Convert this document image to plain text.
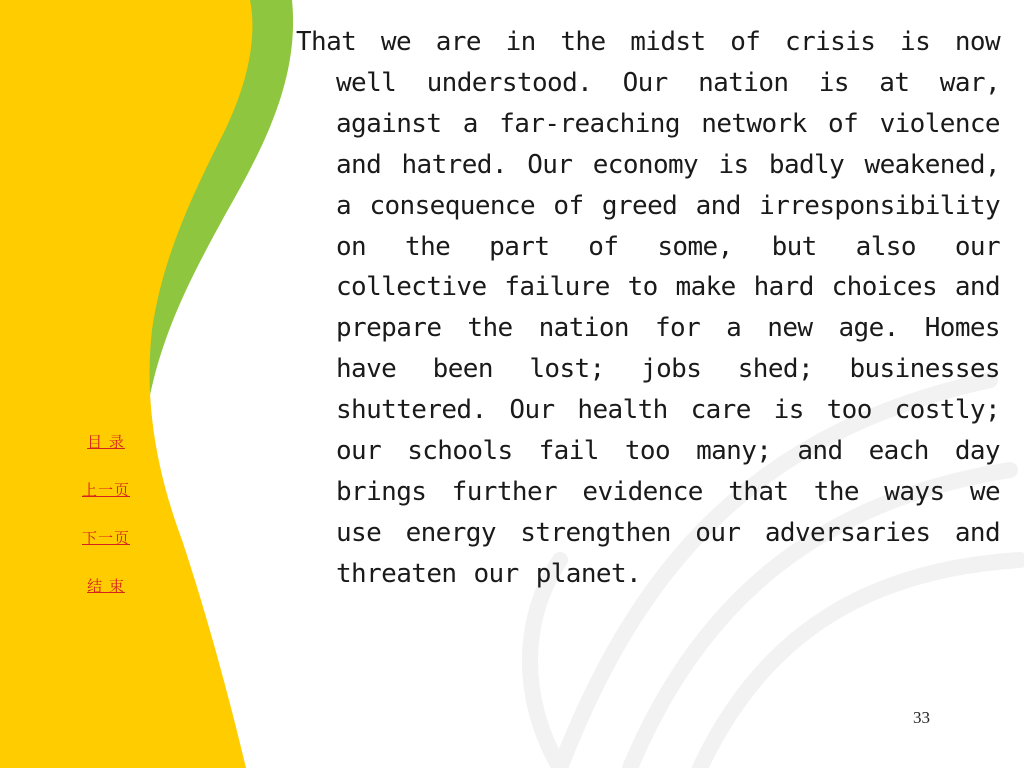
目 录
上一页
下一页
结 束

That we are in the midst of crisis is now well understood. Our nation is at war, against a far-reaching network of violence and hatred. Our economy is badly weakened, a consequence of greed and irresponsibility on the part of some, but also our collective failure to make hard choices and prepare the nation for a new age. Homes have been lost; jobs shed; businesses shuttered. Our health care is too costly; our schools fail too many; and each day brings further evidence that the ways we use energy strengthen our adversaries and threaten our planet.

33
